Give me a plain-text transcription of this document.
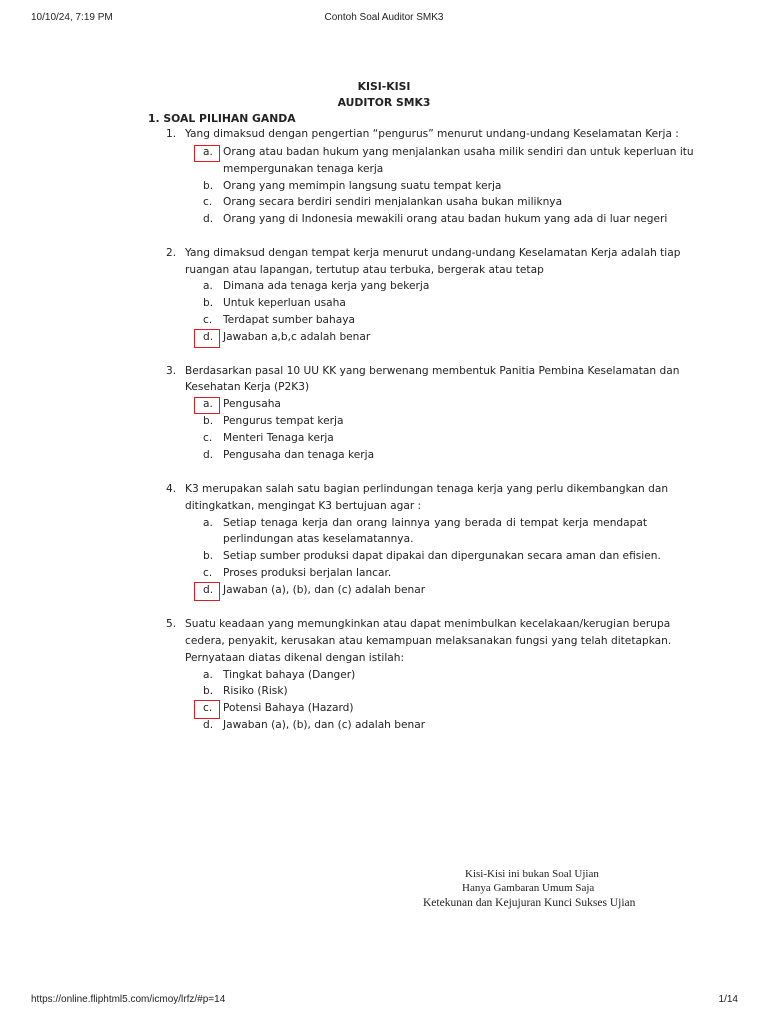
10/10/24, 7:19 PM	Contoh Soal Auditor SMK3
KISI-KISI
AUDITOR SMK3
1. SOAL PILIHAN GANDA
1. Yang dimaksud dengan pengertian “pengurus” menurut undang-undang Keselamatan Kerja :
a. Orang atau badan hukum yang menjalankan usaha milik sendiri dan untuk keperluan itu
mempergunakan tenaga kerja
b. Orang yang memimpin langsung suatu tempat kerja
c. Orang secara berdiri sendiri menjalankan usaha bukan miliknya
d. Orang yang di Indonesia mewakili orang atau badan hukum yang ada di luar negeri
2. Yang dimaksud dengan tempat kerja menurut undang-undang Keselamatan Kerja adalah tiap
ruangan atau lapangan, tertutup atau terbuka, bergerak atau tetap
a. Dimana ada tenaga kerja yang bekerja
b. Untuk keperluan usaha
c. Terdapat sumber bahaya
d. Jawaban a,b,c adalah benar
3. Berdasarkan pasal 10 UU KK yang berwenang membentuk Panitia Pembina Keselamatan dan
Kesehatan Kerja (P2K3)
a. Pengusaha
b. Pengurus tempat kerja
c. Menteri Tenaga kerja
d. Pengusaha dan tenaga kerja
4. K3 merupakan salah satu bagian perlindungan tenaga kerja yang perlu dikembangkan dan
ditingkatkan, mengingat K3 bertujuan agar :
a. Setiap tenaga kerja dan orang lainnya yang berada di tempat kerja mendapat
perlindungan atas keselamatannya.
b. Setiap sumber produksi dapat dipakai dan dipergunakan secara aman dan efisien.
c. Proses produksi berjalan lancar.
d. Jawaban (a), (b), dan (c) adalah benar
5. Suatu keadaan yang memungkinkan atau dapat menimbulkan kecelakaan/kerugian berupa
cedera, penyakit, kerusakan atau kemampuan melaksanakan fungsi yang telah ditetapkan.
Pernyataan diatas dikenal dengan istilah:
a. Tingkat bahaya (Danger)
b. Risiko (Risk)
c. Potensi Bahaya (Hazard)
d. Jawaban (a), (b), dan (c) adalah benar
Kisi-Kisi ini bukan Soal Ujian
Hanya Gambaran Umum Saja
Ketekunan dan Kejujuran Kunci Sukses Ujian
https://online.fliphtml5.com/icmoy/lrfz/#p=14	1/14
